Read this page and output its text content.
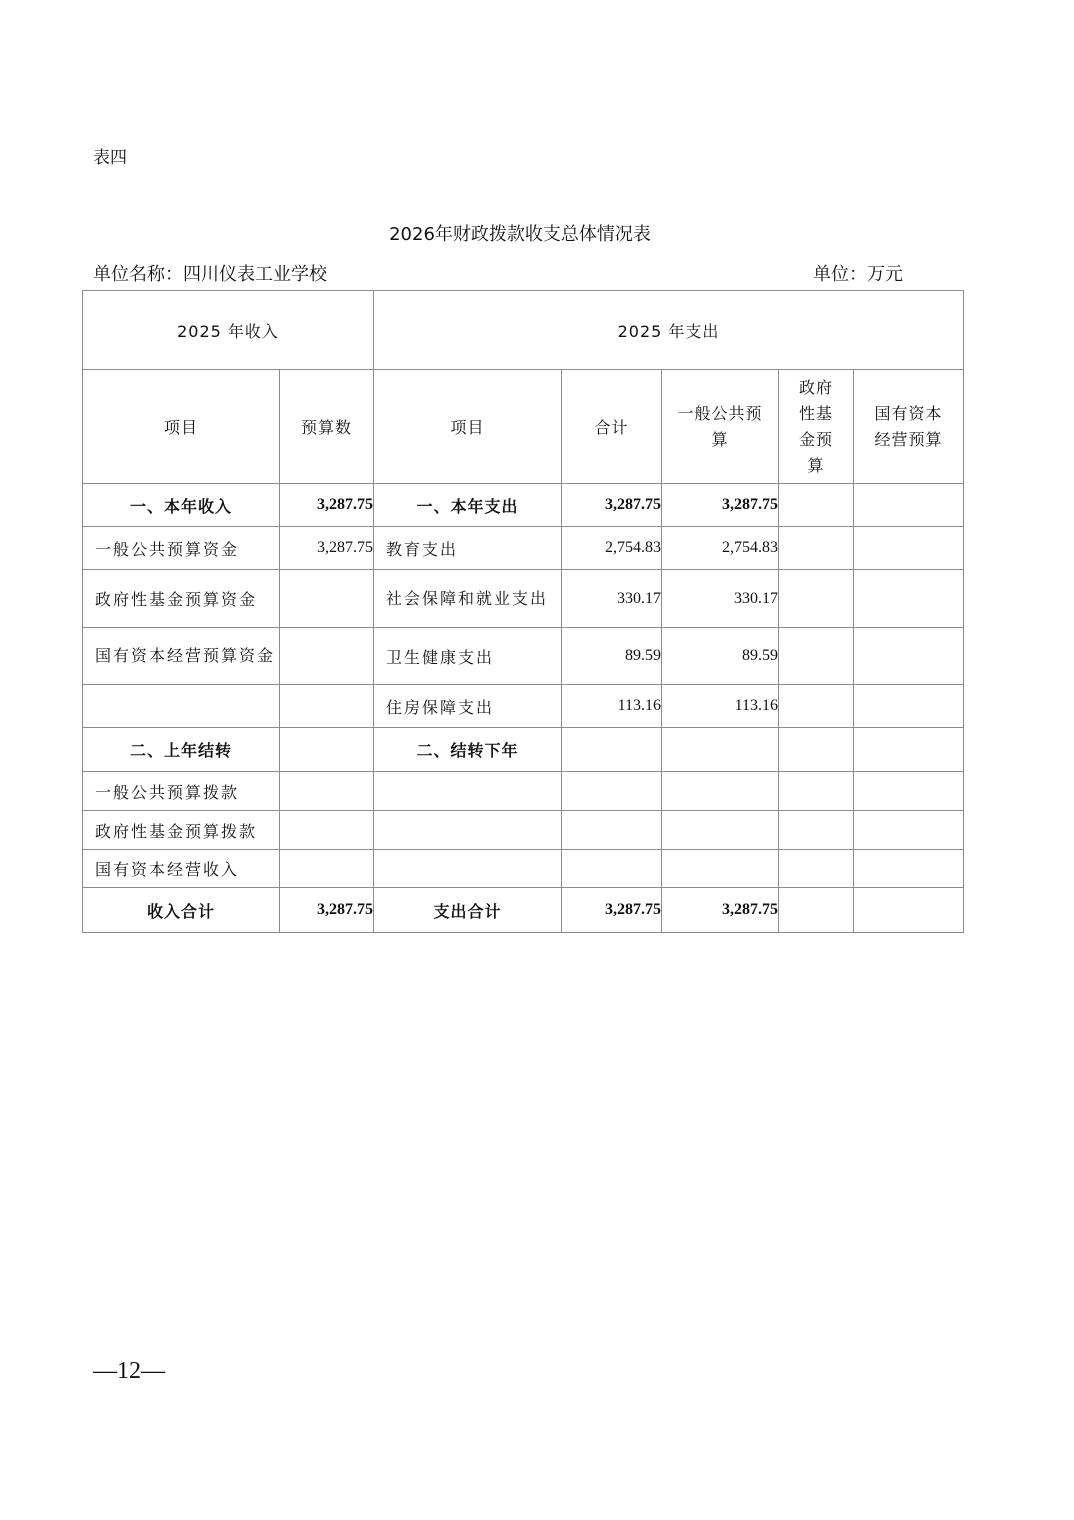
表四
2026年财政拨款收支总体情况表
单位名称：四川仪表工业学校	单位：万元
2025 年收入		2025 年支出				
项目	预算数	项目	合计	一般公共预算	政府性基金预算	国有资本经营预算
一、本年收入	3,287.75	一、本年支出	3,287.75	3,287.75		
一般公共预算资金	3,287.75	教育支出	2,754.83	2,754.83		
政府性基金预算资金		社会保障和就业支出	330.17	330.17		
国有资本经营预算资金		卫生健康支出	89.59	89.59		
		住房保障支出	113.16	113.16		
二、上年结转		二、结转下年				
一般公共预算拨款						
政府性基金预算拨款						
国有资本经营收入						
收入合计	3,287.75	支出合计	3,287.75	3,287.75		
—12—
